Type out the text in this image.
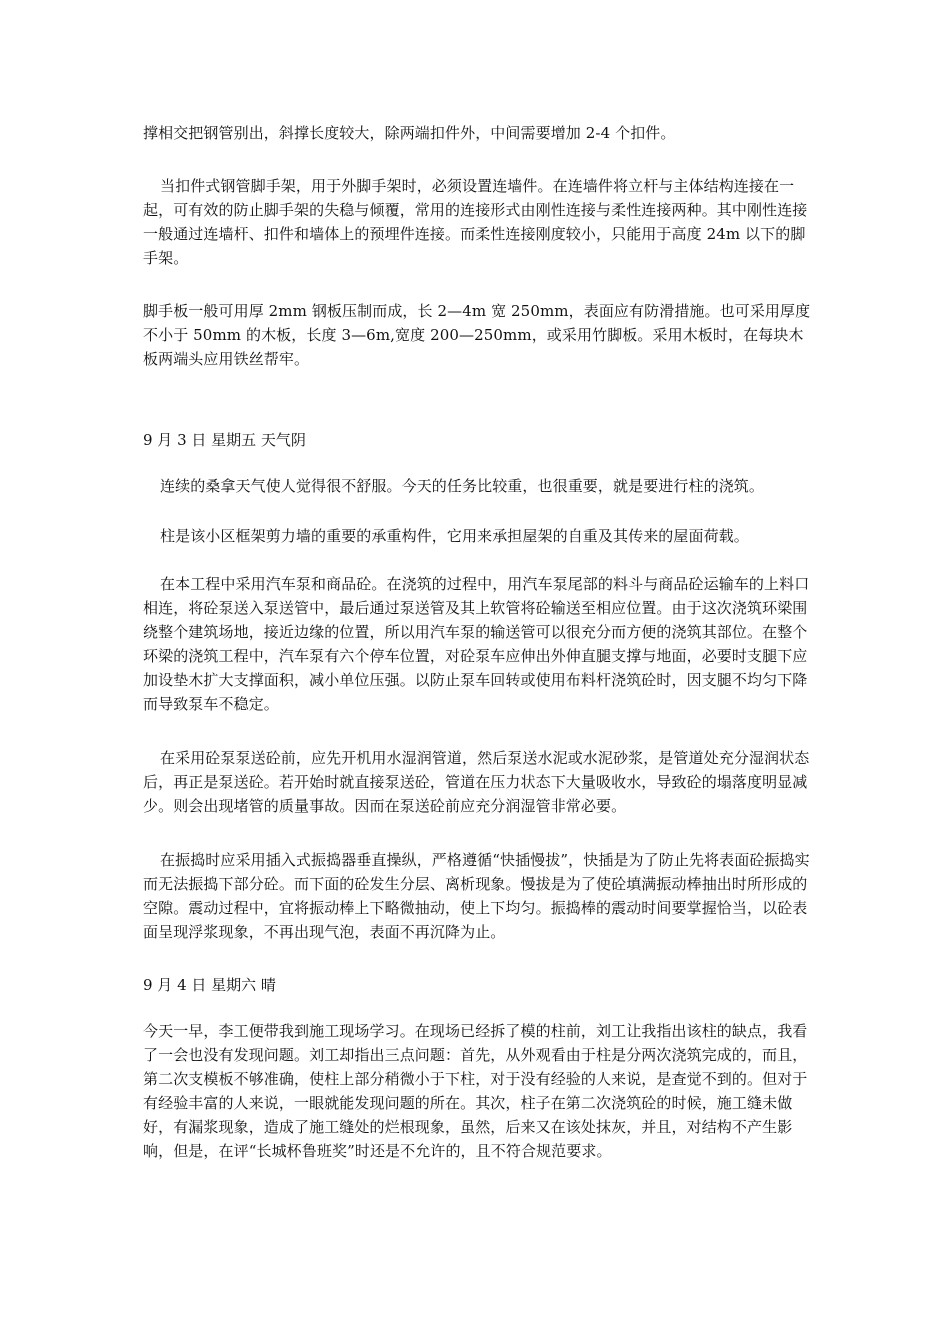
撑相交把钢管别出，斜撑长度较大，除两端扣件外，中间需要增加 2-4 个扣件。

当扣件式钢管脚手架，用于外脚手架时，必须设置连墙件。在连墙件将立杆与主体结构连接在一起，可有效的防止脚手架的失稳与倾覆，常用的连接形式由刚性连接与柔性连接两种。其中刚性连接一般通过连墙杆、扣件和墙体上的预埋件连接。而柔性连接刚度较小，只能用于高度 24m 以下的脚手架。

脚手板一般可用厚 2mm 钢板压制而成，长 2—4m 宽 250mm，表面应有防滑措施。也可采用厚度不小于 50mm 的木板，长度 3—6m,宽度 200—250mm，或采用竹脚板。采用木板时，在每块木板两端头应用铁丝帮牢。

9 月 3 日 星期五 天气阴

连续的桑拿天气使人觉得很不舒服。今天的任务比较重，也很重要，就是要进行柱的浇筑。

柱是该小区框架剪力墙的重要的承重构件，它用来承担屋架的自重及其传来的屋面荷载。

在本工程中采用汽车泵和商品砼。在浇筑的过程中，用汽车泵尾部的料斗与商品砼运输车的上料口相连，将砼泵送入泵送管中，最后通过泵送管及其上软管将砼输送至相应位置。由于这次浇筑环梁围绕整个建筑场地，接近边缘的位置，所以用汽车泵的输送管可以很充分而方便的浇筑其部位。在整个环梁的浇筑工程中，汽车泵有六个停车位置，对砼泵车应伸出外伸直腿支撑与地面，必要时支腿下应加设垫木扩大支撑面积，减小单位压强。以防止泵车回转或使用布料杆浇筑砼时，因支腿不均匀下降而导致泵车不稳定。

在采用砼泵泵送砼前，应先开机用水湿润管道，然后泵送水泥或水泥砂浆，是管道处充分湿润状态后，再正是泵送砼。若开始时就直接泵送砼，管道在压力状态下大量吸收水，导致砼的塌落度明显减少。则会出现堵管的质量事故。因而在泵送砼前应充分润湿管非常必要。

在振捣时应采用插入式振捣器垂直操纵，严格遵循“快插慢拔”，快插是为了防止先将表面砼振捣实而无法振捣下部分砼。而下面的砼发生分层、离析现象。慢拔是为了使砼填满振动棒抽出时所形成的空隙。震动过程中，宜将振动棒上下略微抽动，使上下均匀。振捣棒的震动时间要掌握恰当，以砼表面呈现浮浆现象，不再出现气泡，表面不再沉降为止。

9 月 4 日 星期六 晴

今天一早，李工便带我到施工现场学习。在现场已经拆了模的柱前，刘工让我指出该柱的缺点，我看了一会也没有发现问题。刘工却指出三点问题：首先，从外观看由于柱是分两次浇筑完成的，而且，第二次支模板不够准确，使柱上部分稍微小于下柱，对于没有经验的人来说，是查觉不到的。但对于有经验丰富的人来说，一眼就能发现问题的所在。其次，柱子在第二次浇筑砼的时候，施工缝未做好，有漏浆现象，造成了施工缝处的烂根现象，虽然，后来又在该处抹灰，并且，对结构不产生影响，但是，在评“长城杯鲁班奖”时还是不允许的，且不符合规范要求。
